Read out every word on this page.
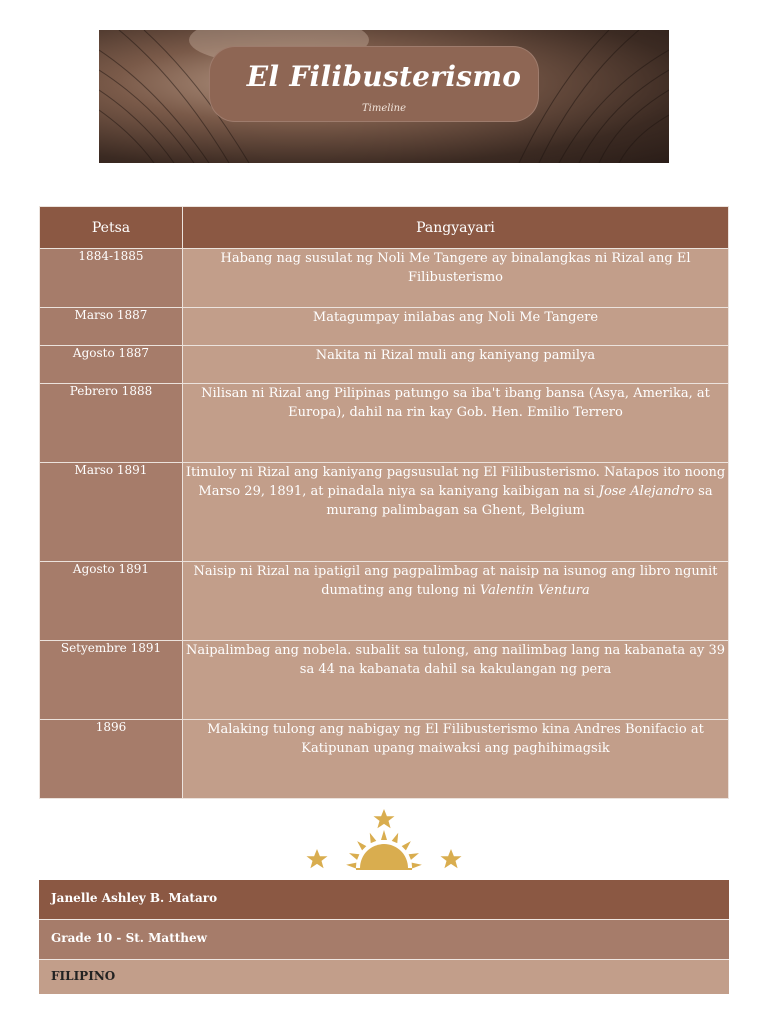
El Filibusterismo
Timeline
Petsa	Pangyayari
1884-1885	Habang nag susulat ng Noli Me Tangere ay binalangkas ni Rizal ang El Filibusterismo
Marso 1887	Matagumpay inilabas ang Noli Me Tangere
Agosto 1887	Nakita ni Rizal muli ang kaniyang pamilya
Pebrero 1888	Nilisan ni Rizal ang Pilipinas patungo sa iba't ibang bansa (Asya, Amerika, at Europa), dahil na rin kay Gob. Hen. Emilio Terrero
Marso 1891	Itinuloy ni Rizal ang kaniyang pagsusulat ng El Filibusterismo. Natapos ito noong Marso 29, 1891, at pinadala niya sa kaniyang kaibigan na si Jose Alejandro sa murang palimbagan sa Ghent, Belgium
Agosto 1891	Naisip ni Rizal na ipatigil ang pagpalimbag at naisip na isunog ang libro ngunit dumating ang tulong ni Valentin Ventura
Setyembre 1891	Naipalimbag ang nobela. subalit sa tulong, ang nailimbag lang na kabanata ay 39 sa 44 na kabanata dahil sa kakulangan ng pera
1896	Malaking tulong ang nabigay ng El Filibusterismo kina Andres Bonifacio at Katipunan upang maiwaksi ang paghihimagsik
Janelle Ashley B. Mataro
Grade 10 - St. Matthew
FILIPINO
